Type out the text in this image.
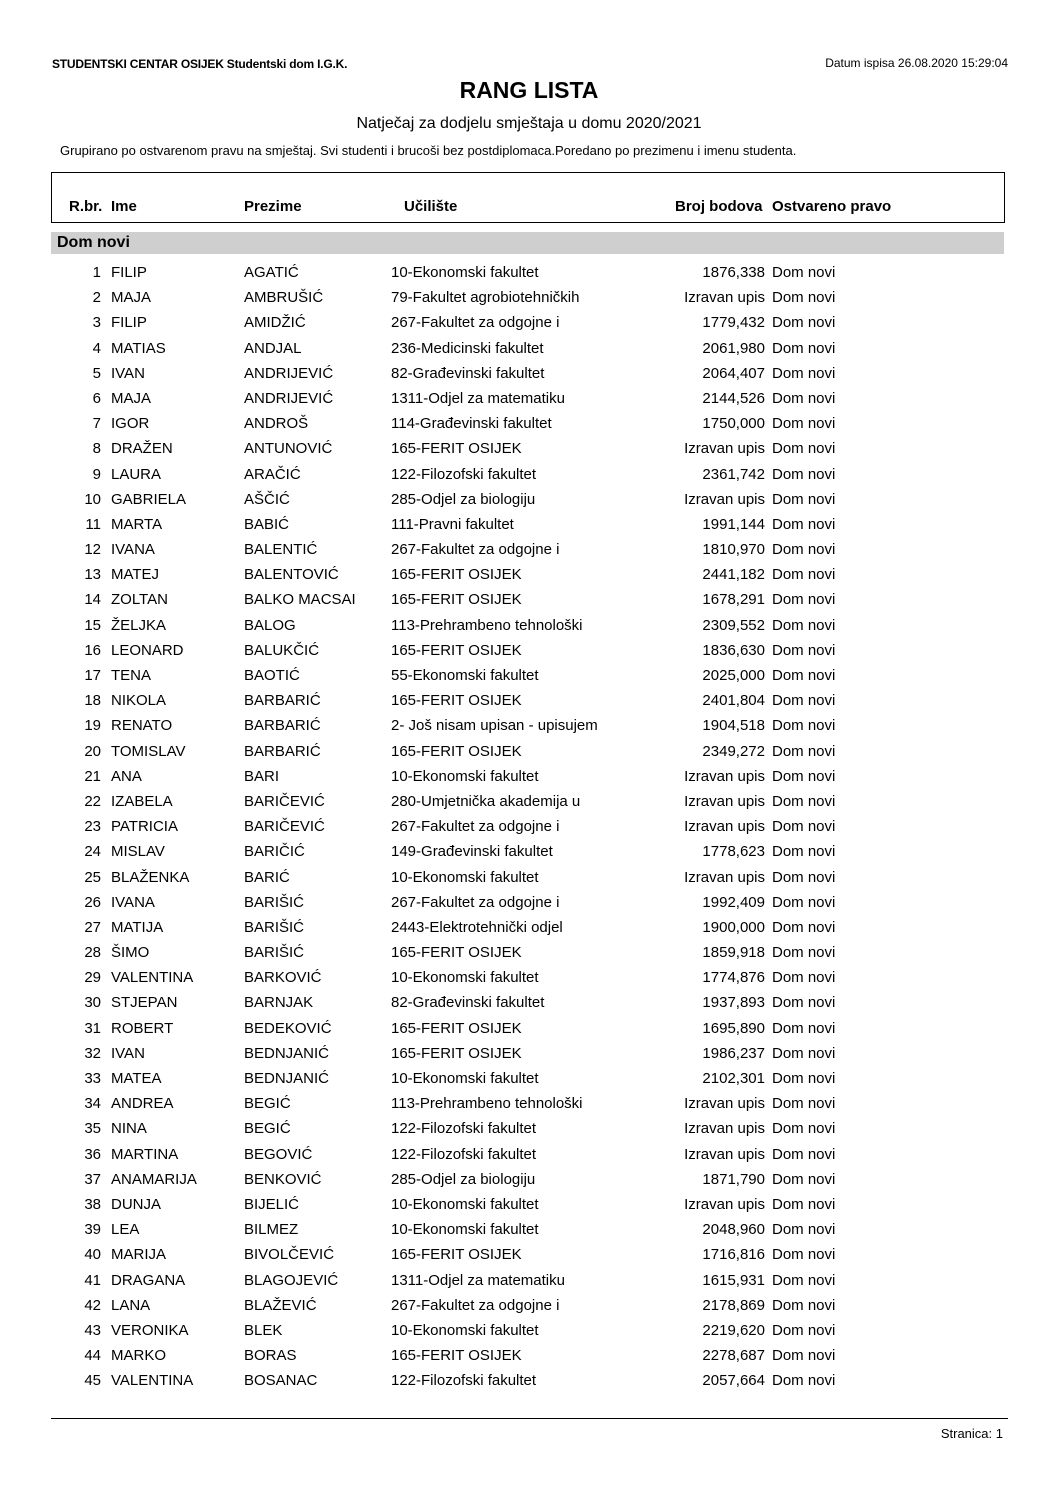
STUDENTSKI CENTAR OSIJEK Studentski dom I.G.K.	Datum ispisa 26.08.2020 15:29:04
RANG LISTA
Natječaj za dodjelu smještaja u domu 2020/2021
Grupirano po ostvarenom pravu na smještaj. Svi studenti i brucoši bez postdiplomaca.Poredano po prezimenu i imenu studenta.
R.br. Ime	Prezime	Učilište	Broj bodova Ostvareno pravo
Dom novi
1 FILIP	AGATIĆ	10-Ekonomski fakultet	1876,338 Dom novi
2 MAJA	AMBRUŠIĆ	79-Fakultet agrobiotehničkih	Izravan upis Dom novi
3 FILIP	AMIDŽIĆ	267-Fakultet za odgojne i	1779,432 Dom novi
4 MATIAS	ANDJAL	236-Medicinski fakultet	2061,980 Dom novi
5 IVAN	ANDRIJEVIĆ	82-Građevinski fakultet	2064,407 Dom novi
6 MAJA	ANDRIJEVIĆ	1311-Odjel za matematiku	2144,526 Dom novi
7 IGOR	ANDROŠ	114-Građevinski fakultet	1750,000 Dom novi
8 DRAŽEN	ANTUNOVIĆ	165-FERIT OSIJEK	Izravan upis Dom novi
9 LAURA	ARAČIĆ	122-Filozofski fakultet	2361,742 Dom novi
10 GABRIELA	AŠČIĆ	285-Odjel za biologiju	Izravan upis Dom novi
11 MARTA	BABIĆ	111-Pravni fakultet	1991,144 Dom novi
12 IVANA	BALENTIĆ	267-Fakultet za odgojne i	1810,970 Dom novi
13 MATEJ	BALENTOVIĆ	165-FERIT OSIJEK	2441,182 Dom novi
14 ZOLTAN	BALKO MACSAI 165-FERIT OSIJEK	1678,291 Dom novi
15 ŽELJKA	BALOG	113-Prehrambeno tehnološki	2309,552 Dom novi
16 LEONARD	BALUKČIĆ	165-FERIT OSIJEK	1836,630 Dom novi
17 TENA	BAOTIĆ	55-Ekonomski fakultet	2025,000 Dom novi
18 NIKOLA	BARBARIĆ	165-FERIT OSIJEK	2401,804 Dom novi
19 RENATO	BARBARIĆ	2- Još nisam upisan - upisujem	1904,518 Dom novi
20 TOMISLAV	BARBARIĆ	165-FERIT OSIJEK	2349,272 Dom novi
21 ANA	BARI	10-Ekonomski fakultet	Izravan upis Dom novi
22 IZABELA	BARIČEVIĆ	280-Umjetnička akademija u	Izravan upis Dom novi
23 PATRICIA	BARIČEVIĆ	267-Fakultet za odgojne i	Izravan upis Dom novi
24 MISLAV	BARIČIĆ	149-Građevinski fakultet	1778,623 Dom novi
25 BLAŽENKA	BARIĆ	10-Ekonomski fakultet	Izravan upis Dom novi
26 IVANA	BARIŠIĆ	267-Fakultet za odgojne i	1992,409 Dom novi
27 MATIJA	BARIŠIĆ	2443-Elektrotehnički odjel	1900,000 Dom novi
28 ŠIMO	BARIŠIĆ	165-FERIT OSIJEK	1859,918 Dom novi
29 VALENTINA	BARKOVIĆ	10-Ekonomski fakultet	1774,876 Dom novi
30 STJEPAN	BARNJAK	82-Građevinski fakultet	1937,893 Dom novi
31 ROBERT	BEDEKOVIĆ	165-FERIT OSIJEK	1695,890 Dom novi
32 IVAN	BEDNJANIĆ	165-FERIT OSIJEK	1986,237 Dom novi
33 MATEA	BEDNJANIĆ	10-Ekonomski fakultet	2102,301 Dom novi
34 ANDREA	BEGIĆ	113-Prehrambeno tehnološki	Izravan upis Dom novi
35 NINA	BEGIĆ	122-Filozofski fakultet	Izravan upis Dom novi
36 MARTINA	BEGOVIĆ	122-Filozofski fakultet	Izravan upis Dom novi
37 ANAMARIJA	BENKOVIĆ	285-Odjel za biologiju	1871,790 Dom novi
38 DUNJA	BIJELIĆ	10-Ekonomski fakultet	Izravan upis Dom novi
39 LEA	BILMEZ	10-Ekonomski fakultet	2048,960 Dom novi
40 MARIJA	BIVOLČEVIĆ	165-FERIT OSIJEK	1716,816 Dom novi
41 DRAGANA	BLAGOJEVIĆ	1311-Odjel za matematiku	1615,931 Dom novi
42 LANA	BLAŽEVIĆ	267-Fakultet za odgojne i	2178,869 Dom novi
43 VERONIKA	BLEK	10-Ekonomski fakultet	2219,620 Dom novi
44 MARKO	BORAS	165-FERIT OSIJEK	2278,687 Dom novi
45 VALENTINA	BOSANAC	122-Filozofski fakultet	2057,664 Dom novi
Stranica: 1
